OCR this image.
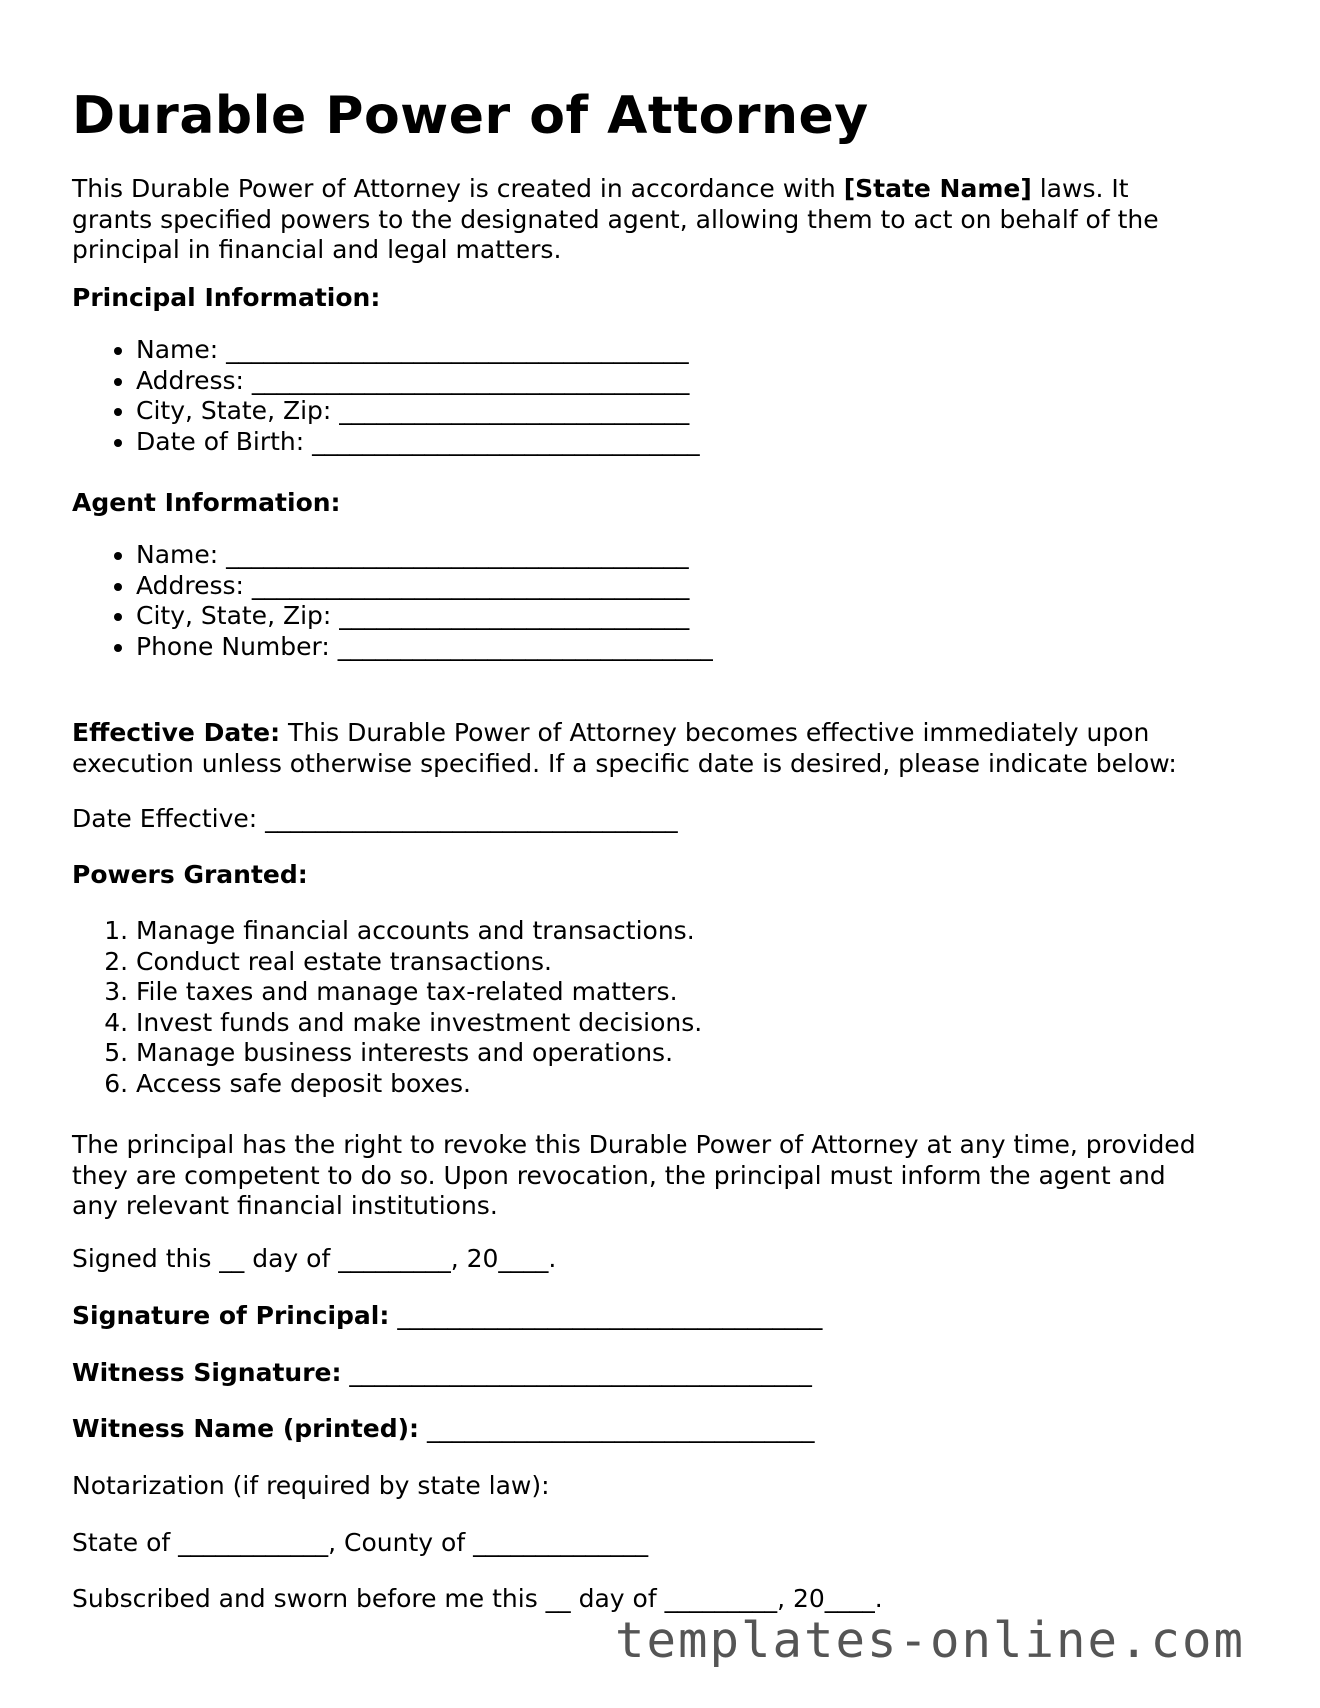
Durable Power of Attorney
This Durable Power of Attorney is created in accordance with [State Name] laws. It
grants specified powers to the designated agent, allowing them to act on behalf of the
principal in financial and legal matters.
Principal Information:
• Name: _____________________________________
• Address: ___________________________________
• City, State, Zip: ____________________________
• Date of Birth: _______________________________
Agent Information:
• Name: _____________________________________
• Address: ___________________________________
• City, State, Zip: ____________________________
• Phone Number: ______________________________
Effective Date: This Durable Power of Attorney becomes effective immediately upon
execution unless otherwise specified. If a specific date is desired, please indicate below:
Date Effective: _________________________________
Powers Granted:
1. Manage financial accounts and transactions.
2. Conduct real estate transactions.
3. File taxes and manage tax-related matters.
4. Invest funds and make investment decisions.
5. Manage business interests and operations.
6. Access safe deposit boxes.
The principal has the right to revoke this Durable Power of Attorney at any time, provided
they are competent to do so. Upon revocation, the principal must inform the agent and
any relevant financial institutions.
Signed this __ day of _________, 20____.
Signature of Principal: __________________________________
Witness Signature: _____________________________________
Witness Name (printed): _______________________________
Notarization (if required by state law):
State of ____________, County of ______________
Subscribed and sworn before me this __ day of _________, 20____.
templates-online.com
